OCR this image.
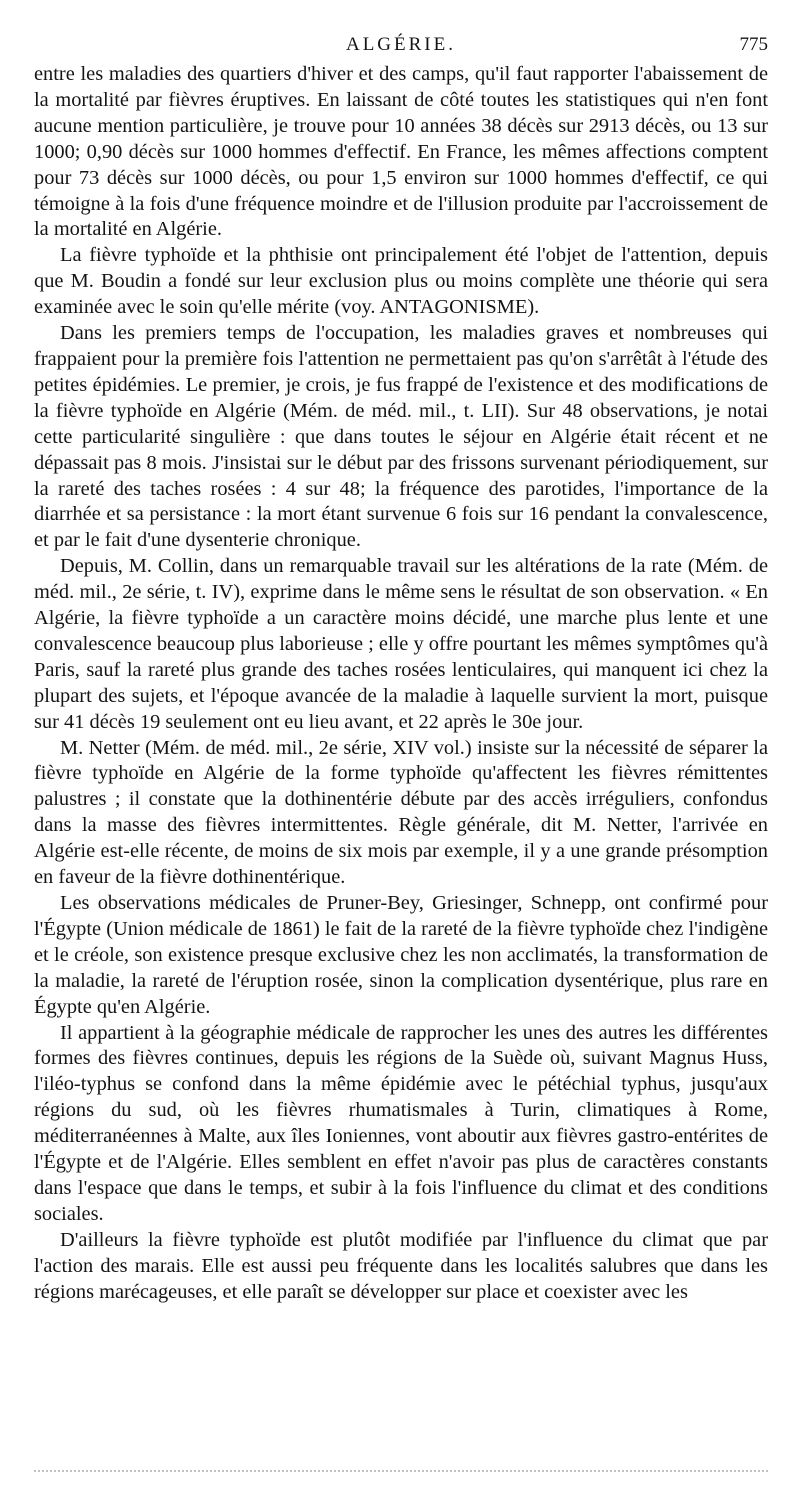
ALGÉRIE.	775

entre les maladies des quartiers d'hiver et des camps, qu'il faut rapporter l'abaissement de la mortalité par fièvres éruptives. En laissant de côté toutes les statistiques qui n'en font aucune mention particulière, je trouve pour 10 années 38 décès sur 2913 décès, ou 13 sur 1000; 0,90 décès sur 1000 hommes d'effectif. En France, les mêmes affections comptent pour 73 décès sur 1000 décès, ou pour 1,5 environ sur 1000 hommes d'effectif, ce qui témoigne à la fois d'une fréquence moindre et de l'illusion produite par l'accroissement de la mortalité en Algérie.

La fièvre typhoïde et la phthisie ont principalement été l'objet de l'attention, depuis que M. Boudin a fondé sur leur exclusion plus ou moins complète une théorie qui sera examinée avec le soin qu'elle mérite (voy. ANTAGONISME).

Dans les premiers temps de l'occupation, les maladies graves et nombreuses qui frappaient pour la première fois l'attention ne permettaient pas qu'on s'arrêtât à l'étude des petites épidémies. Le premier, je crois, je fus frappé de l'existence et des modifications de la fièvre typhoïde en Algérie (Mém. de méd. mil., t. LII). Sur 48 observations, je notai cette particularité singulière : que dans toutes le séjour en Algérie était récent et ne dépassait pas 8 mois. J'insistai sur le début par des frissons survenant périodiquement, sur la rareté des taches rosées : 4 sur 48; la fréquence des parotides, l'importance de la diarrhée et sa persistance : la mort étant survenue 6 fois sur 16 pendant la convalescence, et par le fait d'une dysenterie chronique.

Depuis, M. Collin, dans un remarquable travail sur les altérations de la rate (Mém. de méd. mil., 2e série, t. IV), exprime dans le même sens le résultat de son observation. « En Algérie, la fièvre typhoïde a un caractère moins décidé, une marche plus lente et une convalescence beaucoup plus laborieuse ; elle y offre pourtant les mêmes symptômes qu'à Paris, sauf la rareté plus grande des taches rosées lenticulaires, qui manquent ici chez la plupart des sujets, et l'époque avancée de la maladie à laquelle survient la mort, puisque sur 41 décès 19 seulement ont eu lieu avant, et 22 après le 30e jour.

M. Netter (Mém. de méd. mil., 2e série, XIV vol.) insiste sur la nécessité de séparer la fièvre typhoïde en Algérie de la forme typhoïde qu'affectent les fièvres rémittentes palustres ; il constate que la dothinentérie débute par des accès irréguliers, confondus dans la masse des fièvres intermittentes. Règle générale, dit M. Netter, l'arrivée en Algérie est-elle récente, de moins de six mois par exemple, il y a une grande présomption en faveur de la fièvre dothinentérique.

Les observations médicales de Pruner-Bey, Griesinger, Schnepp, ont confirmé pour l'Égypte (Union médicale de 1861) le fait de la rareté de la fièvre typhoïde chez l'indigène et le créole, son existence presque exclusive chez les non acclimatés, la transformation de la maladie, la rareté de l'éruption rosée, sinon la complication dysentérique, plus rare en Égypte qu'en Algérie.

Il appartient à la géographie médicale de rapprocher les unes des autres les différentes formes des fièvres continues, depuis les régions de la Suède où, suivant Magnus Huss, l'iléo-typhus se confond dans la même épidémie avec le pétéchial typhus, jusqu'aux régions du sud, où les fièvres rhumatismales à Turin, climatiques à Rome, méditerranéennes à Malte, aux îles Ioniennes, vont aboutir aux fièvres gastro-entérites de l'Égypte et de l'Algérie. Elles semblent en effet n'avoir pas plus de caractères constants dans l'espace que dans le temps, et subir à la fois l'influence du climat et des conditions sociales.

D'ailleurs la fièvre typhoïde est plutôt modifiée par l'influence du climat que par l'action des marais. Elle est aussi peu fréquente dans les localités salubres que dans les régions marécageuses, et elle paraît se développer sur place et coexister avec les
